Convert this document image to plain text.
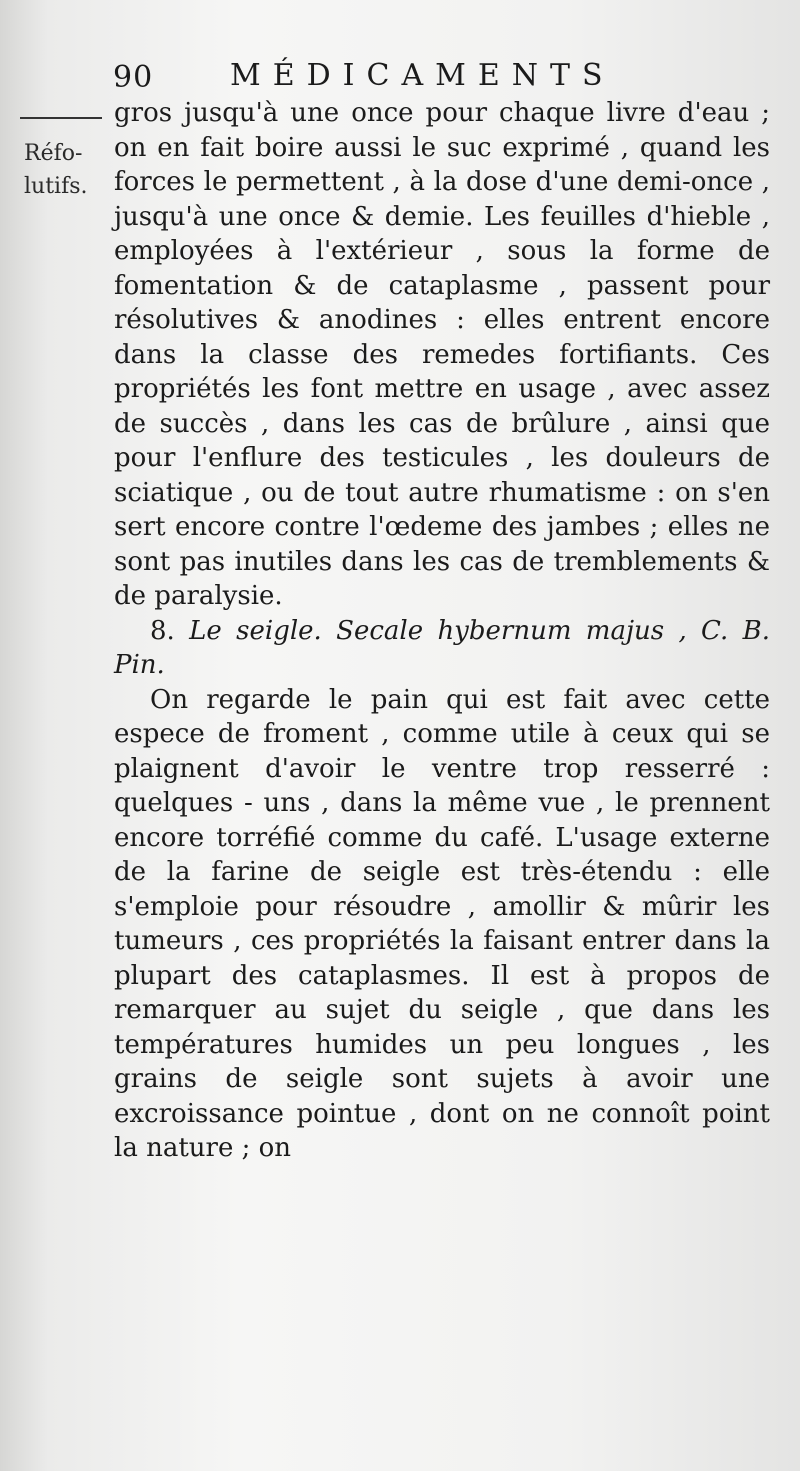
90	MÉDICAMENTS
Réfo-
lutifs.

gros jusqu'à une once pour chaque livre d'eau ; on en fait boire aussi le suc exprimé , quand les forces le permettent , à la dose d'une demi-once , jusqu'à une once & demie. Les feuilles d'hieble , employées à l'extérieur , sous la forme de fomentation & de cataplasme , passent pour résolutives & anodines : elles entrent encore dans la classe des remedes fortifiants. Ces propriétés les font mettre en usage , avec assez de succès , dans les cas de brûlure , ainsi que pour l'enflure des testicules , les douleurs de sciatique , ou de tout autre rhumatisme : on s'en sert encore contre l'œdeme des jambes ; elles ne sont pas inutiles dans les cas de tremblements & de paralysie.

8. Le seigle. Secale hybernum majus , C. B. Pin.

On regarde le pain qui est fait avec cette espece de froment , comme utile à ceux qui se plaignent d'avoir le ventre trop resserré : quelques - uns , dans la même vue , le prennent encore torréfié comme du café. L'usage externe de la farine de seigle est très-étendu : elle s'emploie pour résoudre , amollir & mûrir les tumeurs , ces propriétés la faisant entrer dans la plupart des cataplasmes. Il est à propos de remarquer au sujet du seigle , que dans les températures humides un peu longues , les grains de seigle sont sujets à avoir une excroissance pointue , dont on ne connoît point la nature ; on
